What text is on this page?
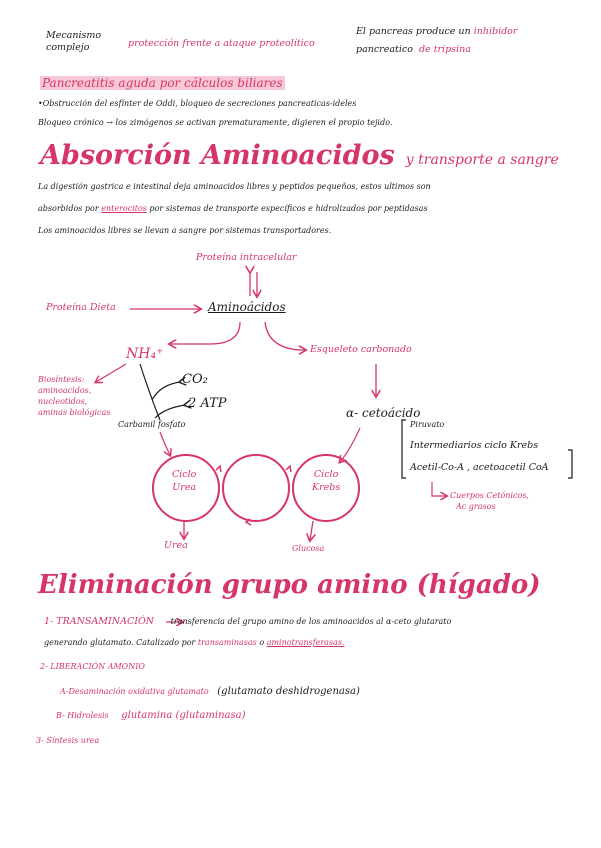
Mecanismo
complejo	protección frente a ataque proteolítico
El pancreas produce un inhibidor
pancreatico de tripsina
Pancreatitis aguda por cálculos biliares
•Obstrucción del esfínter de Oddi, bloqueo de secreciones pancreaticas-ideles
Bloqueo crónico → los zimógenos se activan prematuramente, digieren el propio tejido.
Absorción Aminoacidos y transporte a sangre
La digestión gastrica e intestinal deja aminoacidos libres y peptidos pequeños, estos ultimos son
absorbidos por enterocitos por sistemas de transporte específicos e hidrolizados por peptidasas
Los aminoacidos libres se llevan a sangre por sistemas transportadores.
Proteína intracelular
Proteína Dieta	Aminoácidos
NH₄⁺	Esqueleto carbonado
Biosíntesis:
aminoacidos,
nucleotidos,
aminas biológicas
CO₂
2 ATP
Carbamil fosfato
α- cetoácido
Piruvato
Intermediarios ciclo Krebs
Acetil-Co-A , acetoacetil CoA
Cuerpos Cetónicos,
Ac grasos
Ciclo
Urea
Ciclo
Krebs
Urea	Glucosa
Eliminación grupo amino (hígado)
1- TRANSAMINACIÓN transferencia del grupo amino de los aminoacidos al α-ceto glutarato
generando glutamato. Catalizado por transaminasas o aminotransferasas.
2- LIBERACIÓN AMONIO
A-Desaminación oxidativa glutamato (glutamato deshidrogenasa)
B- Hidrolesis glutamina (glutaminasa)
3- Síntesis urea
